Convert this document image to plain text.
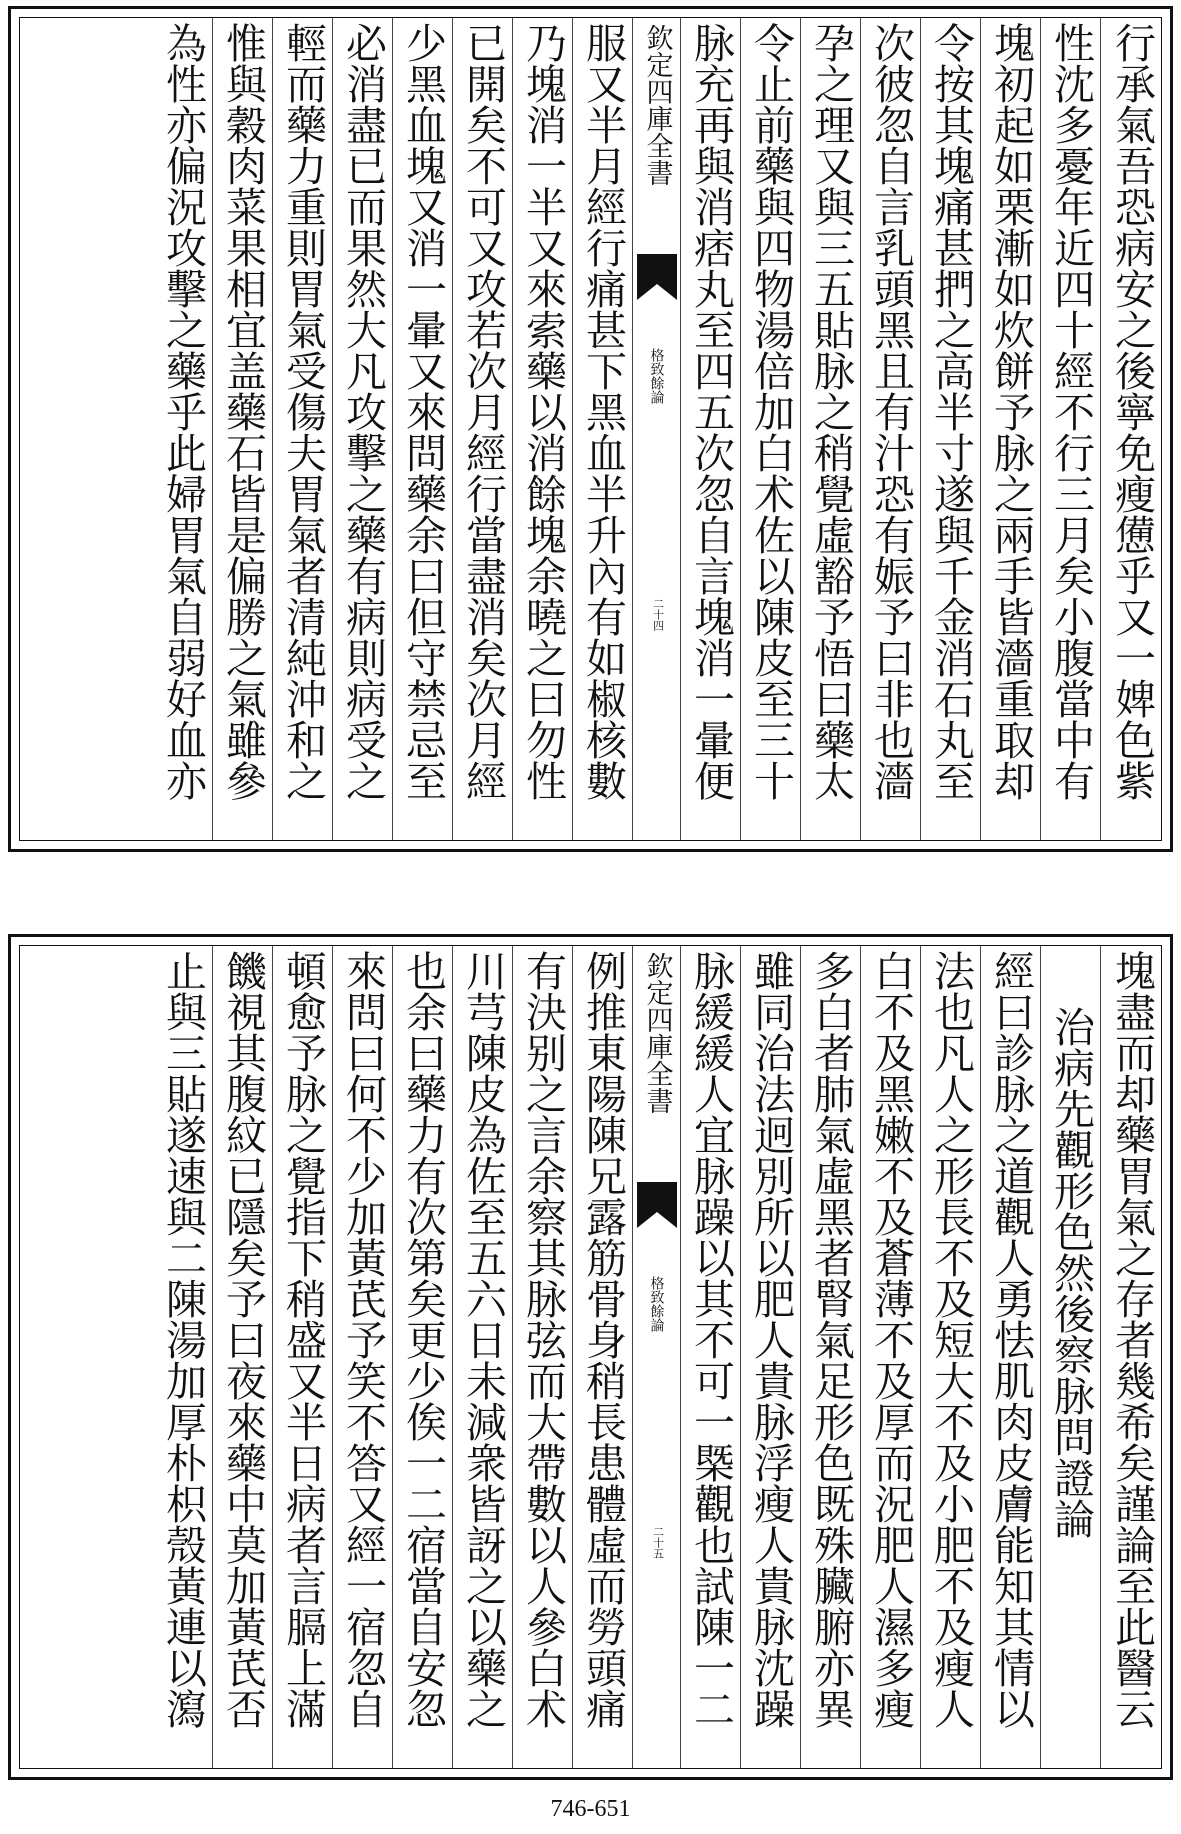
行承氣吾恐病安之後寧免瘦憊乎又一婢色紫
性沈多憂年近四十經不行三月矣小腹當中有
塊初起如栗漸如炊餅予脉之兩手皆濇重取却
令按其塊痛甚捫之高半寸遂與千金消石丸至
次彼忽自言乳頭黑且有汁恐有娠予曰非也濇
孕之理又與三五貼脉之稍覺虛豁予悟曰藥太
令止前藥與四物湯倍加白术佐以陳皮至三十
脉充再與消痞丸至四五次忽自言塊消一暈便
欽定四庫全書
格致餘論
二十四
服又半月經行痛甚下黑血半升內有如椒核數
乃塊消一半又來索藥以消餘塊余曉之曰勿性
已開矣不可又攻若次月經行當盡消矣次月經
少黑血塊又消一暈又來問藥余曰但守禁忌至
必消盡已而果然大凡攻擊之藥有病則病受之
輕而藥力重則胃氣受傷夫胃氣者清純沖和之
惟與穀肉菜果相宜盖藥石皆是偏勝之氣雖參
為性亦偏況攻擊之藥乎此婦胃氣自弱好血亦
塊盡而却藥胃氣之存者幾希矣謹論至此醫云
治病先觀形色然後察脉問證論
經曰診脉之道觀人勇怯肌肉皮膚能知其情以
法也凡人之形長不及短大不及小肥不及瘦人
白不及黑嫩不及蒼薄不及厚而況肥人濕多瘦
多白者肺氣虛黑者腎氣足形色既殊臟腑亦異
雖同治法迥別所以肥人貴脉浮瘦人貴脉沈躁
脉緩緩人宜脉躁以其不可一槩觀也試陳一二
欽定四庫全書
格致餘論
二十五
例推東陽陳兄露筋骨身稍長患體虛而勞頭痛
有決别之言余察其脉弦而大帶數以人參白术
川芎陳皮為佐至五六日未減衆皆訝之以藥之
也余曰藥力有次第矣更少俟一二宿當自安忽
來問曰何不少加黃芪予笑不答又經一宿忽自
頓愈予脉之覺指下稍盛又半日病者言膈上滿
饑視其腹紋已隱矣予曰夜來藥中莫加黃芪否
止與三貼遂速與二陳湯加厚朴枳殼黃連以瀉
746-651
